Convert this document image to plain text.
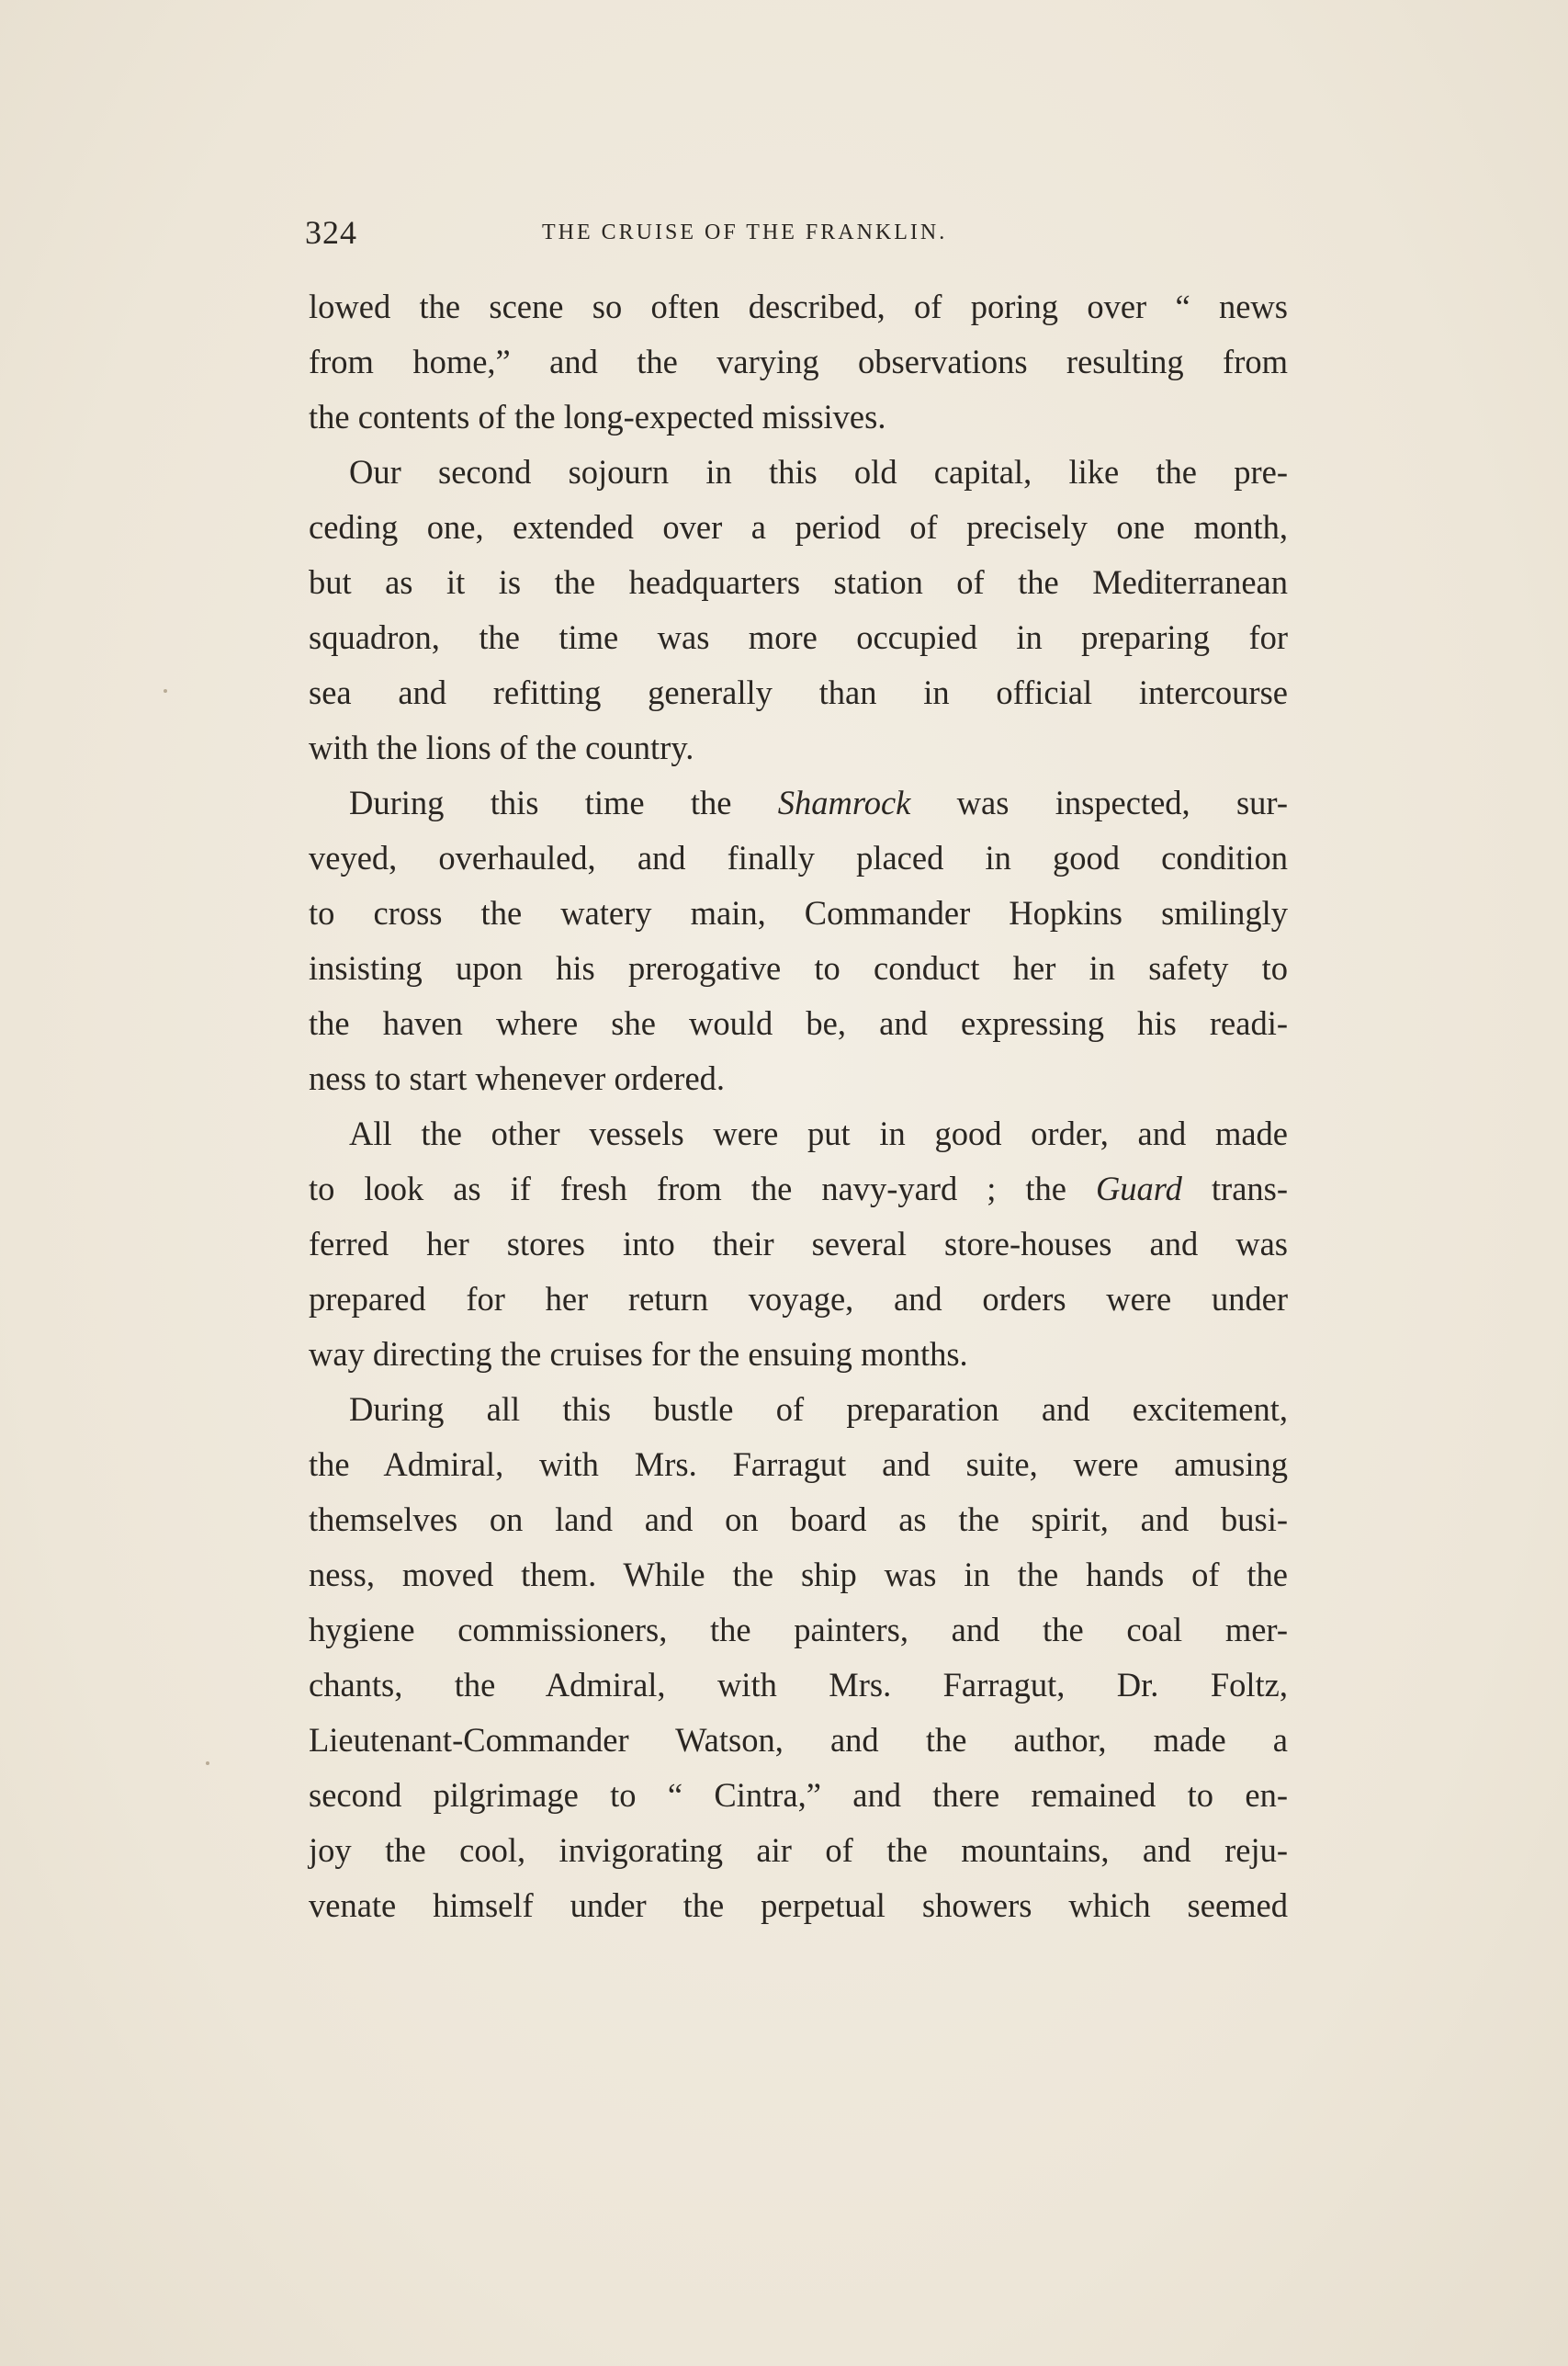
324	THE CRUISE OF THE FRANKLIN.
lowed the scene so often described, of poring over “ news
from home,” and the varying observations resulting from
the contents of the long-expected missives.
Our second sojourn in this old capital, like the pre-
ceding one, extended over a period of precisely one month,
but as it is the headquarters station of the Mediterranean
squadron, the time was more occupied in preparing for
sea and refitting generally than in official intercourse
with the lions of the country.
During this time the Shamrock was inspected, sur-
veyed, overhauled, and finally placed in good condition
to cross the watery main, Commander Hopkins smilingly
insisting upon his prerogative to conduct her in safety to
the haven where she would be, and expressing his readi-
ness to start whenever ordered.
All the other vessels were put in good order, and made
to look as if fresh from the navy-yard ; the Guard trans-
ferred her stores into their several store-houses and was
prepared for her return voyage, and orders were under
way directing the cruises for the ensuing months.
During all this bustle of preparation and excitement,
the Admiral, with Mrs. Farragut and suite, were amusing
themselves on land and on board as the spirit, and busi-
ness, moved them. While the ship was in the hands of the
hygiene commissioners, the painters, and the coal mer-
chants, the Admiral, with Mrs. Farragut, Dr. Foltz,
Lieutenant-Commander Watson, and the author, made a
second pilgrimage to “ Cintra,” and there remained to en-
joy the cool, invigorating air of the mountains, and reju-
venate himself under the perpetual showers which seemed
